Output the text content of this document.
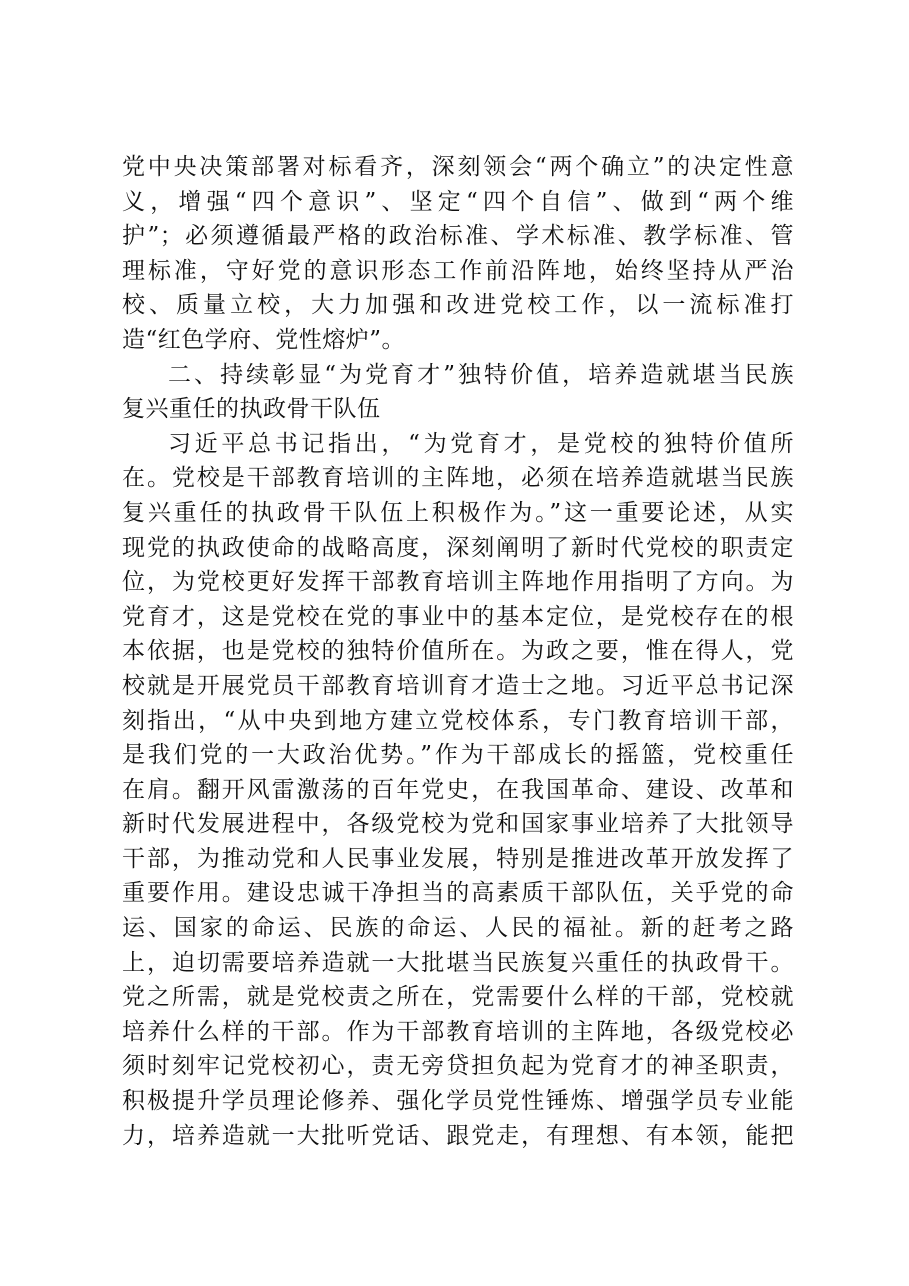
党中央决策部署对标看齐，深刻领会“两个确立”的决定性意
义，增强“四个意识”、坚定“四个自信”、做到“两个维
护”；必须遵循最严格的政治标准、学术标准、教学标准、管
理标准，守好党的意识形态工作前沿阵地，始终坚持从严治
校、质量立校，大力加强和改进党校工作，以一流标准打
造“红色学府、党性熔炉”。
二、持续彰显“为党育才”独特价值，培养造就堪当民族
复兴重任的执政骨干队伍
习近平总书记指出，“为党育才，是党校的独特价值所
在。党校是干部教育培训的主阵地，必须在培养造就堪当民族
复兴重任的执政骨干队伍上积极作为。”这一重要论述，从实
现党的执政使命的战略高度，深刻阐明了新时代党校的职责定
位，为党校更好发挥干部教育培训主阵地作用指明了方向。为
党育才，这是党校在党的事业中的基本定位，是党校存在的根
本依据，也是党校的独特价值所在。为政之要，惟在得人，党
校就是开展党员干部教育培训育才造士之地。习近平总书记深
刻指出，“从中央到地方建立党校体系，专门教育培训干部，
是我们党的一大政治优势。”作为干部成长的摇篮，党校重任
在肩。翻开风雷激荡的百年党史，在我国革命、建设、改革和
新时代发展进程中，各级党校为党和国家事业培养了大批领导
干部，为推动党和人民事业发展，特别是推进改革开放发挥了
重要作用。建设忠诚干净担当的高素质干部队伍，关乎党的命
运、国家的命运、民族的命运、人民的福祉。新的赶考之路
上，迫切需要培养造就一大批堪当民族复兴重任的执政骨干。
党之所需，就是党校责之所在，党需要什么样的干部，党校就
培养什么样的干部。作为干部教育培训的主阵地，各级党校必
须时刻牢记党校初心，责无旁贷担负起为党育才的神圣职责，
积极提升学员理论修养、强化学员党性锤炼、增强学员专业能
力，培养造就一大批听党话、跟党走，有理想、有本领，能把
